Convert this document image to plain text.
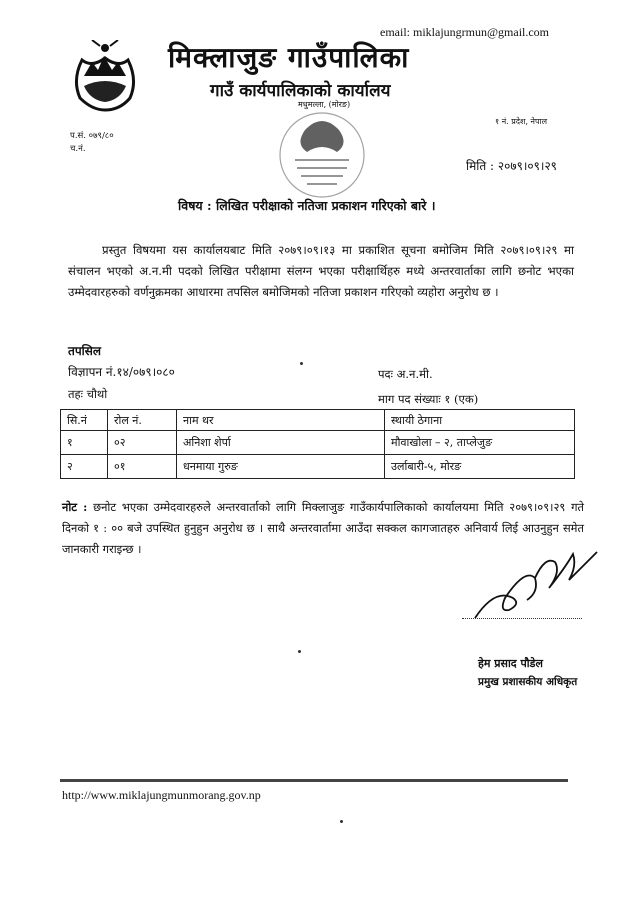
email: miklajungrmun@gmail.com
मिक्लाजुङ गाउँपालिका
गाउँ कार्यपालिकाको कार्यालय
मधुमल्ला, (मोरङ)
१ नं. प्रदेश, नेपाल
प.सं. ०७९/८०
च.नं.
मिति : २०७९।०९।२९
विषय : लिखित परीक्षाको नतिजा प्रकाशन गरिएको बारे ।
प्रस्तुत विषयमा यस कार्यालयबाट मिति २०७९।०९।१३ मा प्रकाशित सूचना बमोजिम मिति २०७९।०९।२९ मा संचालन भएको अ.न.मी पदको लिखित परीक्षामा संलग्न भएका परीक्षार्थिहरु मध्ये अन्तरवार्ताका लागि छनोट भएका उम्मेदवारहरुको वर्णनुक्रमका आधारमा तपसिल बमोजिमको नतिजा प्रकाशन गरिएको व्यहोरा अनुरोध छ ।
तपसिल
विज्ञापन नं.१४/०७९।०८०	पदः अ.न.मी.
तहः चौथो	माग पद संख्याः १ (एक)
सि.नं	रोल नं.	नाम थर	स्थायी ठेगाना
१	०२	अनिशा शेर्पा	मौवाखोला – २, ताप्लेजुङ
२	०१	धनमाया गुरुङ	उर्लाबारी-५, मोरङ
नोट : छनोट भएका उम्मेदवारहरुले अन्तरवार्ताको लागि मिक्लाजुङ गाउँकार्यपालिकाको कार्यालयमा मिति २०७९।०९।२९ गते दिनको १ : ०० बजे उपस्थित हुनुहुन अनुरोध छ । साथै अन्तरवार्तामा आउँदा सक्कल कागजातहरु अनिवार्य लिई आउनुहुन समेत जानकारी गराइन्छ ।
हेम प्रसाद पौडेल
प्रमुख प्रशासकीय अधिकृत
http://www.miklajungmunmorang.gov.np
